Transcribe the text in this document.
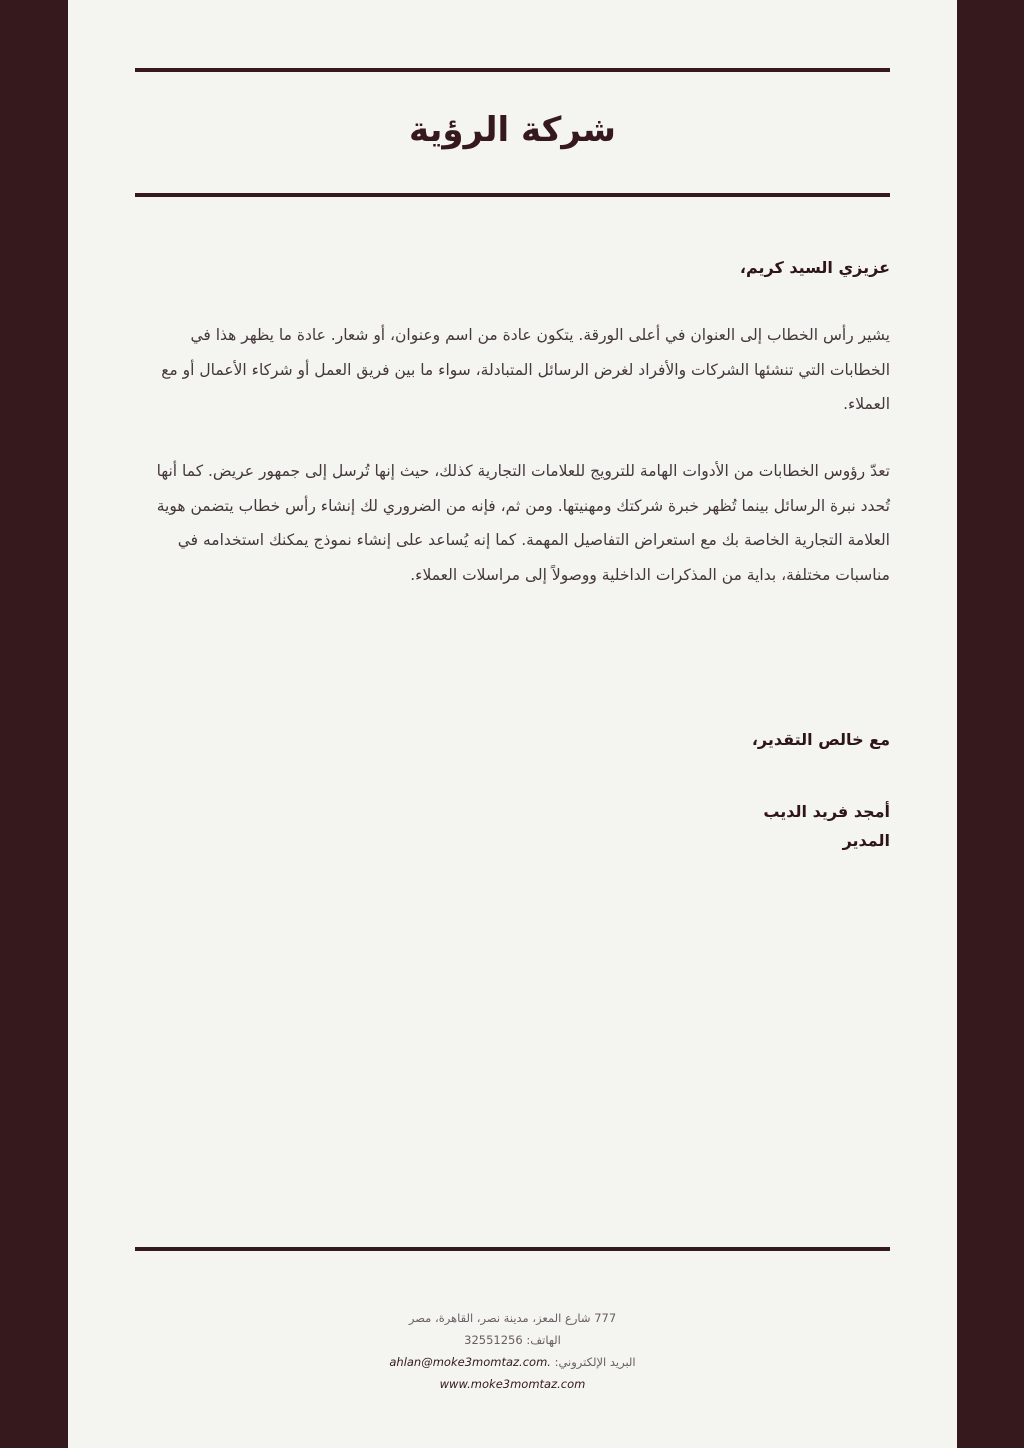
شركة الرؤية
عزيزي السيد كريم،
يشير رأس الخطاب إلى العنوان في أعلى الورقة. يتكون عادة من اسم وعنوان، أو شعار. عادة ما يظهر هذا في الخطابات التي تنشئها الشركات والأفراد لغرض الرسائل المتبادلة، سواء ما بين فريق العمل أو شركاء الأعمال أو مع العملاء.
تعدّ رؤوس الخطابات من الأدوات الهامة للترويج للعلامات التجارية كذلك، حيث إنها تُرسل إلى جمهور عريض. كما أنها تُحدد نبرة الرسائل بينما تُظهر خبرة شركتك ومهنيتها. ومن ثم، فإنه من الضروري لك إنشاء رأس خطاب يتضمن هوية العلامة التجارية الخاصة بك مع استعراض التفاصيل المهمة. كما إنه يُساعد على إنشاء نموذج يمكنك استخدامه في مناسبات مختلفة، بداية من المذكرات الداخلية ووصولاً إلى مراسلات العملاء.
مع خالص التقدير،
أمجد فريد الديب
المدير
777 شارع المعز، مدينة نصر، القاهرة، مصر
الهاتف: 32551256
البريد الإلكتروني: ahlan@moke3momtaz.com.
www.moke3momtaz.com
